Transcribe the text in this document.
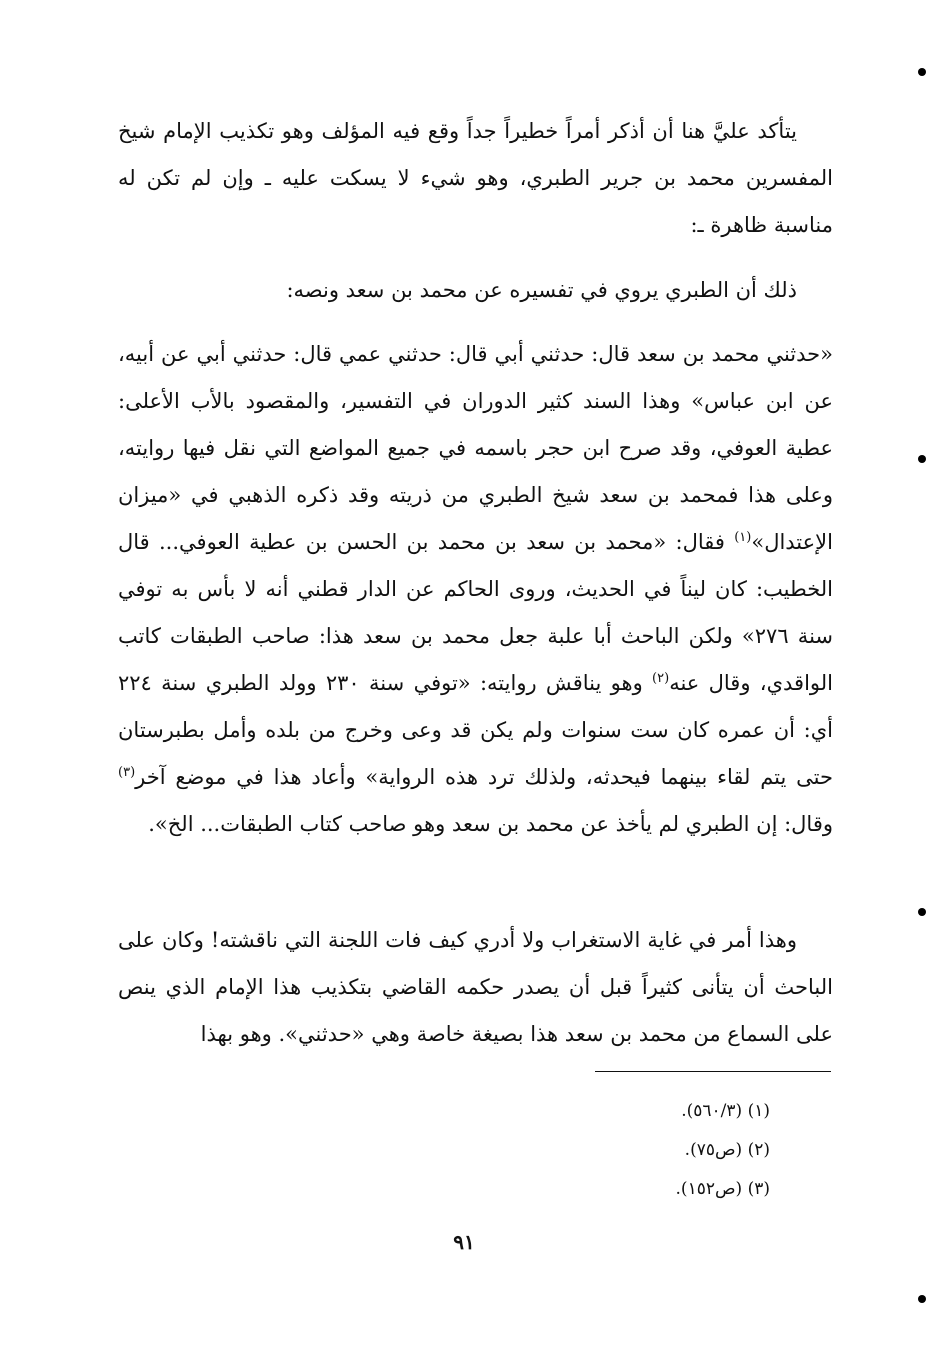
يتأكد عليَّ هنا أن أذكر أمراً خطيراً جداً وقع فيه المؤلف وهو تكذيب الإمام شيخ المفسرين محمد بن جرير الطبري، وهو شيء لا يسكت عليه ـ وإن لم تكن له مناسبة ظاهرة ـ:

ذلك أن الطبري يروي في تفسيره عن محمد بن سعد ونصه:

«حدثني محمد بن سعد قال: حدثني أبي قال: حدثني عمي قال: حدثني أبي عن أبيه، عن ابن عباس» وهذا السند كثير الدوران في التفسير، والمقصود بالأب الأعلى: عطية العوفي، وقد صرح ابن حجر باسمه في جميع المواضع التي نقل فيها روايته، وعلى هذا فمحمد بن سعد شيخ الطبري من ذريته وقد ذكره الذهبي في «ميزان الإعتدال»$^{(١)}$ فقال: «محمد بن سعد بن محمد بن الحسن بن عطية العوفي... قال الخطيب: كان ليناً في الحديث، وروى الحاكم عن الدار قطني أنه لا بأس به توفي سنة ٢٧٦» ولكن الباحث أبا علبة جعل محمد بن سعد هذا: صاحب الطبقات كاتب الواقدي، وقال عنه$^{(٢)}$ وهو يناقش روايته: «توفي سنة ٢٣٠ وولد الطبري سنة ٢٢٤ أي: أن عمره كان ست سنوات ولم يكن قد وعى وخرج من بلده وأمل بطبرستان حتى يتم لقاء بينهما فيحدثه، ولذلك ترد هذه الرواية» وأعاد هذا في موضع آخر$^{(٣)}$ وقال: إن الطبري لم يأخذ عن محمد بن سعد وهو صاحب كتاب الطبقات... الخ».

وهذا أمر في غاية الاستغراب ولا أدري كيف فات اللجنة التي ناقشته! وكان على الباحث أن يتأنى كثيراً قبل أن يصدر حكمه القاضي بتكذيب هذا الإمام الذي ينص على السماع من محمد بن سعد هذا بصيغة خاصة وهي «حدثني». وهو بهذا

(١) (٥٦٠/٣).
(٢) (ص٧٥).
(٣) (ص١٥٢).
٩١
